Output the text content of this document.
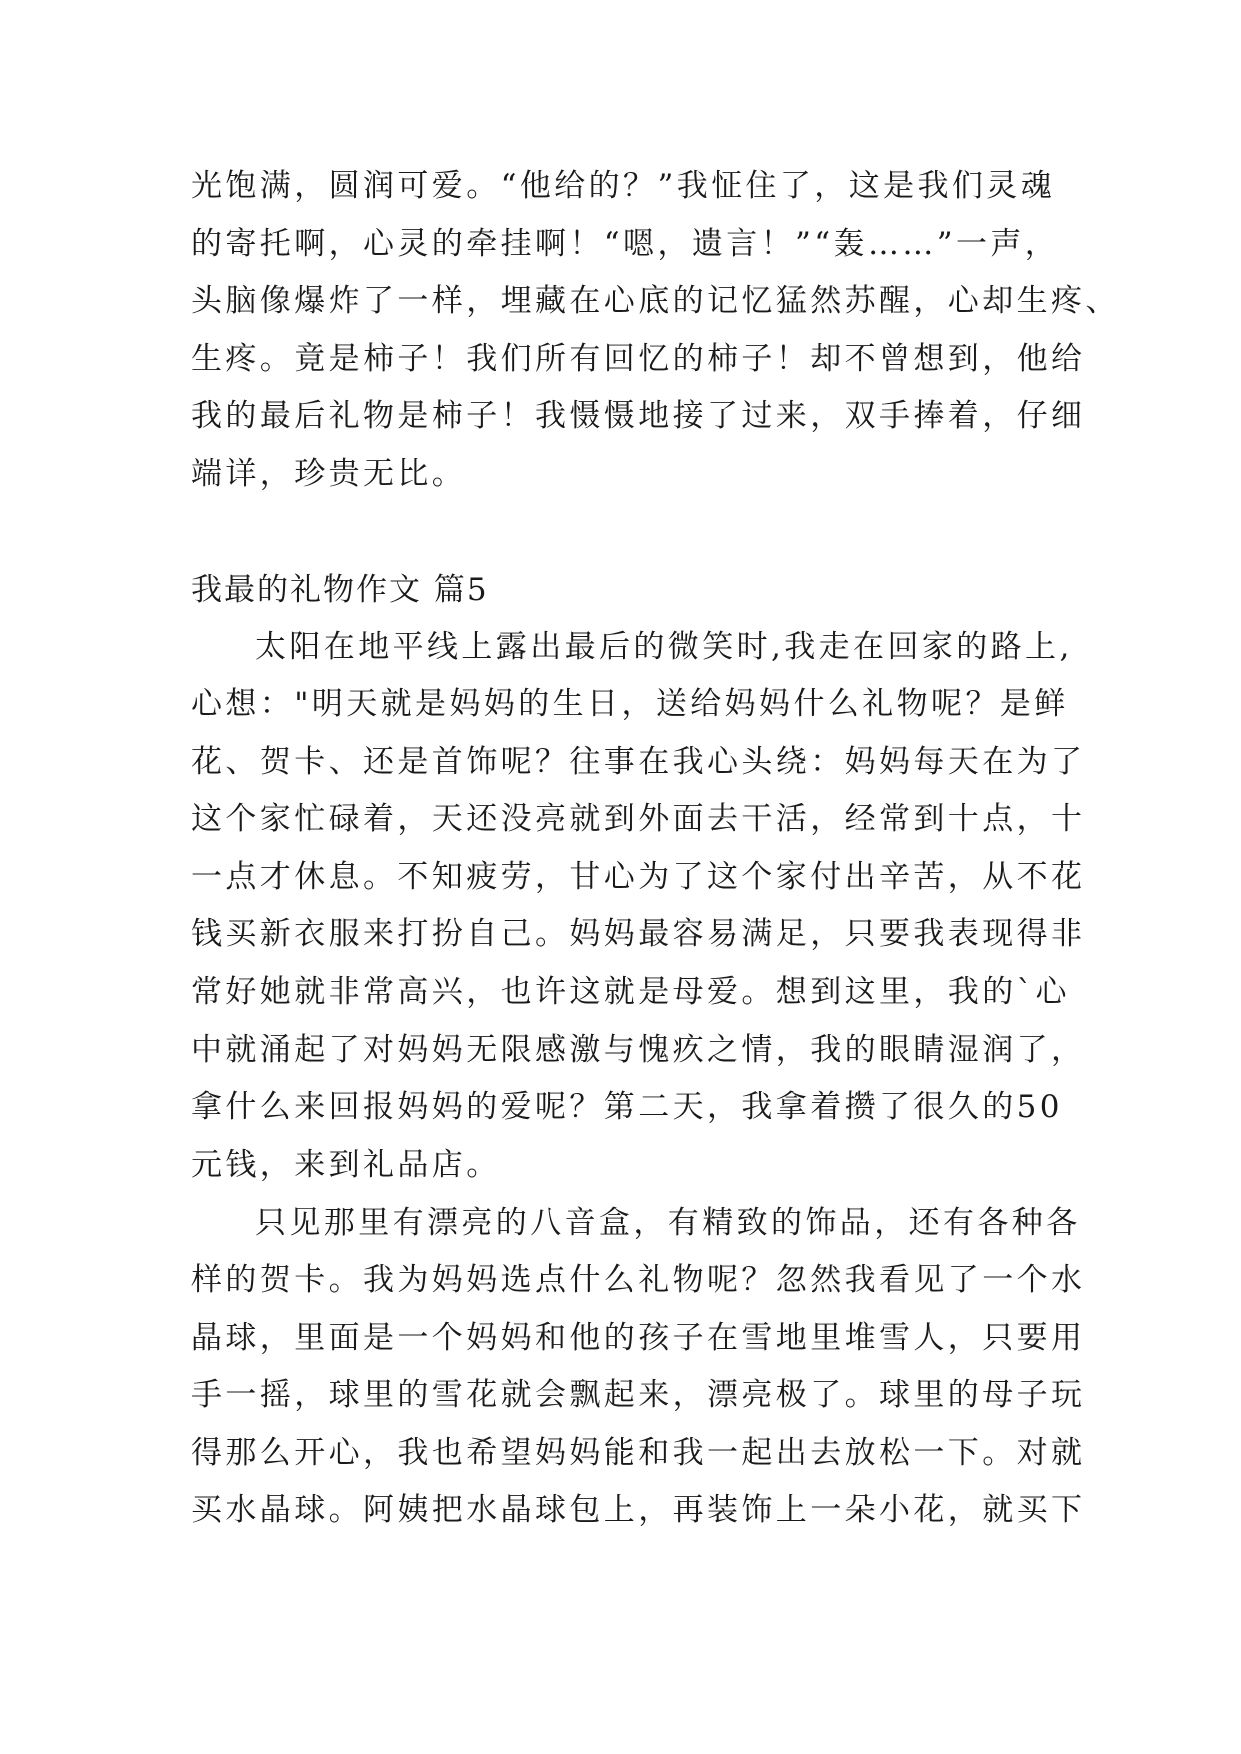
光饱满，圆润可爱。“他给的？”我怔住了，这是我们灵魂
的寄托啊，心灵的牵挂啊！“嗯，遗言！”“轰……”一声，
头脑像爆炸了一样，埋藏在心底的记忆猛然苏醒，心却生疼、
生疼。竟是柿子！我们所有回忆的柿子！却不曾想到，他给
我的最后礼物是柿子！我慑慑地接了过来，双手捧着，仔细
端详，珍贵无比。
我最的礼物作文 篇5
太阳在地平线上露出最后的微笑时,我走在回家的路上,
心想："明天就是妈妈的生日，送给妈妈什么礼物呢？是鲜
花、贺卡、还是首饰呢？往事在我心头绕：妈妈每天在为了
这个家忙碌着，天还没亮就到外面去干活，经常到十点，十
一点才休息。不知疲劳，甘心为了这个家付出辛苦，从不花
钱买新衣服来打扮自己。妈妈最容易满足，只要我表现得非
常好她就非常高兴，也许这就是母爱。想到这里，我的`心
中就涌起了对妈妈无限感激与愧疚之情，我的眼睛湿润了，
拿什么来回报妈妈的爱呢？第二天，我拿着攒了很久的50
元钱，来到礼品店。
只见那里有漂亮的八音盒，有精致的饰品，还有各种各
样的贺卡。我为妈妈选点什么礼物呢？忽然我看见了一个水
晶球，里面是一个妈妈和他的孩子在雪地里堆雪人，只要用
手一摇，球里的雪花就会飘起来，漂亮极了。球里的母子玩
得那么开心，我也希望妈妈能和我一起出去放松一下。对就
买水晶球。阿姨把水晶球包上，再装饰上一朵小花，就买下
